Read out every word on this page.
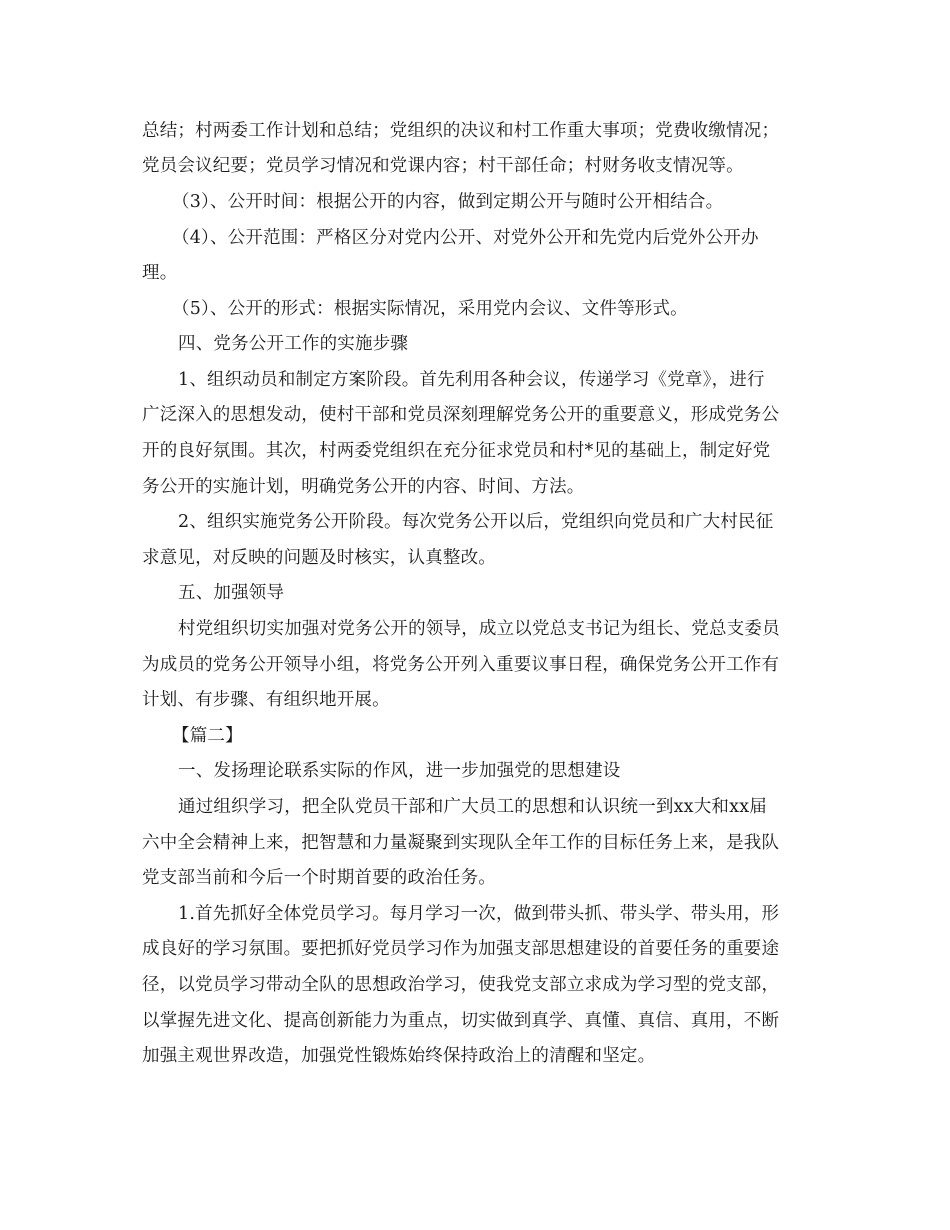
总结；村两委工作计划和总结；党组织的决议和村工作重大事项；党费收缴情况；
党员会议纪要；党员学习情况和党课内容；村干部任命；村财务收支情况等。
（3）、公开时间：根据公开的内容，做到定期公开与随时公开相结合。
（4）、公开范围：严格区分对党内公开、对党外公开和先党内后党外公开办
理。
（5）、公开的形式：根据实际情况，采用党内会议、文件等形式。
四、党务公开工作的实施步骤
1、组织动员和制定方案阶段。首先利用各种会议，传递学习《党章》，进行
广泛深入的思想发动，使村干部和党员深刻理解党务公开的重要意义，形成党务公
开的良好氛围。其次，村两委党组织在充分征求党员和村*见的基础上，制定好党
务公开的实施计划，明确党务公开的内容、时间、方法。
2、组织实施党务公开阶段。每次党务公开以后，党组织向党员和广大村民征
求意见，对反映的问题及时核实，认真整改。
五、加强领导
村党组织切实加强对党务公开的领导，成立以党总支书记为组长、党总支委员
为成员的党务公开领导小组，将党务公开列入重要议事日程，确保党务公开工作有
计划、有步骤、有组织地开展。
【篇二】
一、发扬理论联系实际的作风，进一步加强党的思想建设
通过组织学习，把全队党员干部和广大员工的思想和认识统一到xx大和xx届
六中全会精神上来，把智慧和力量凝聚到实现队全年工作的目标任务上来，是我队
党支部当前和今后一个时期首要的政治任务。
1.首先抓好全体党员学习。每月学习一次，做到带头抓、带头学、带头用，形
成良好的学习氛围。要把抓好党员学习作为加强支部思想建设的首要任务的重要途
径，以党员学习带动全队的思想政治学习，使我党支部立求成为学习型的党支部，
以掌握先进文化、提高创新能力为重点，切实做到真学、真懂、真信、真用，不断
加强主观世界改造，加强党性锻炼始终保持政治上的清醒和坚定。
